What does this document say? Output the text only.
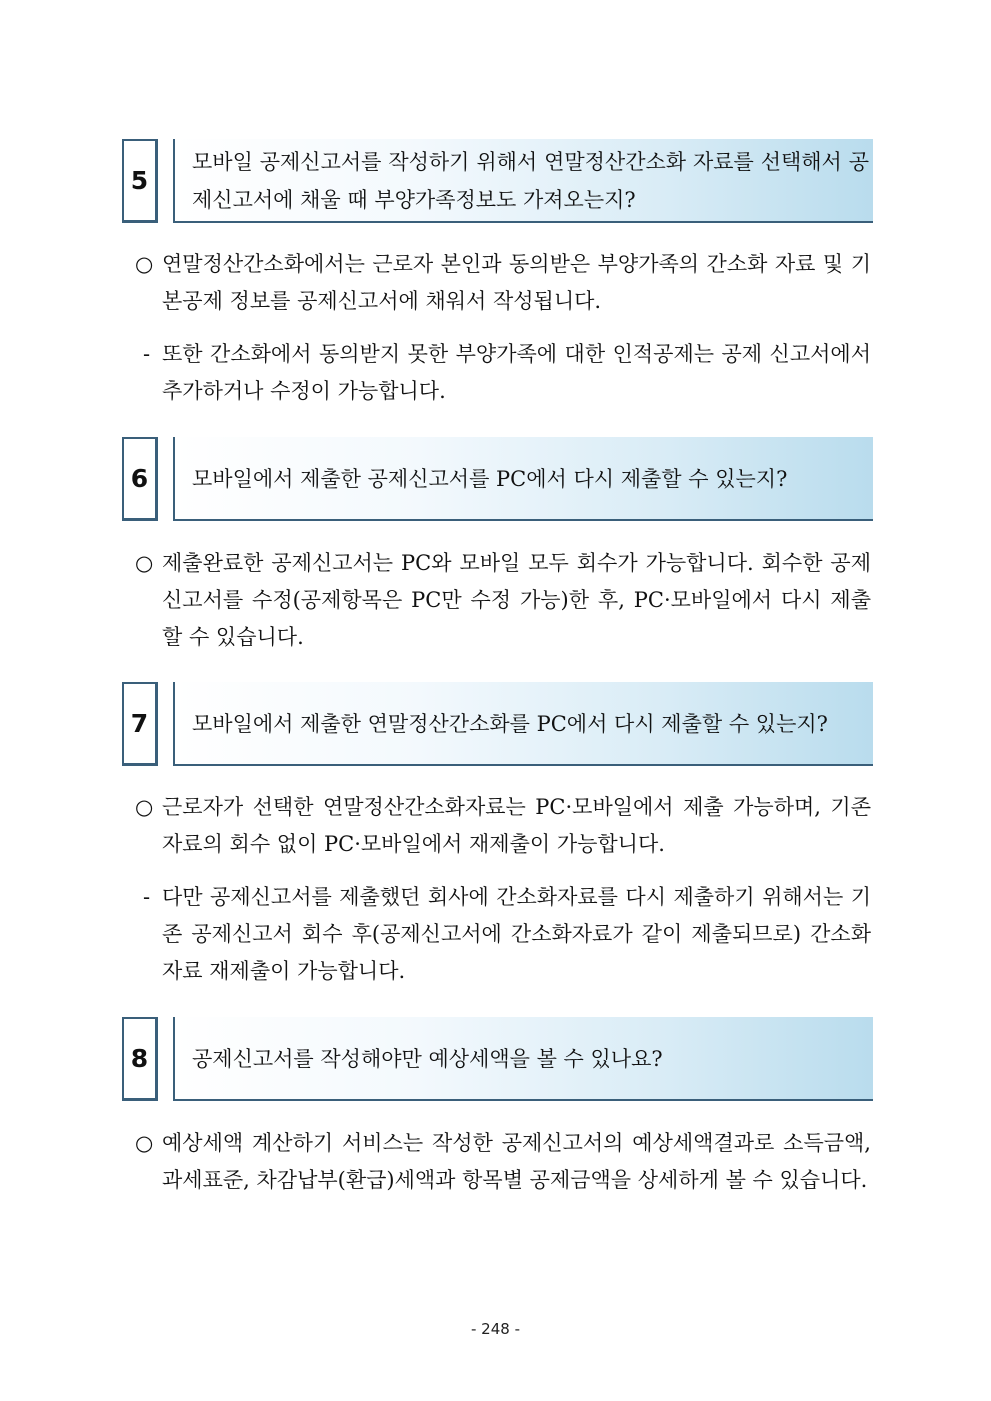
5
모바일 공제신고서를 작성하기 위해서 연말정산간소화 자료를 선택해서 공제신고서에 채울 때 부양가족정보도 가져오는지?

○ 연말정산간소화에서는 근로자 본인과 동의받은 부양가족의 간소화 자료 및 기본공제 정보를 공제신고서에 채워서 작성됩니다.

- 또한 간소화에서 동의받지 못한 부양가족에 대한 인적공제는 공제 신고서에서 추가하거나 수정이 가능합니다.

6	모바일에서 제출한 공제신고서를 PC에서 다시 제출할 수 있는지?

○ 제출완료한 공제신고서는 PC와 모바일 모두 회수가 가능합니다. 회수한 공제신고서를 수정(공제항목은 PC만 수정 가능)한 후, PC·모바일에서 다시 제출할 수 있습니다.

7	모바일에서 제출한 연말정산간소화를 PC에서 다시 제출할 수 있는지?

○ 근로자가 선택한 연말정산간소화자료는 PC·모바일에서 제출 가능하며, 기존자료의 회수 없이 PC·모바일에서 재제출이 가능합니다.

- 다만 공제신고서를 제출했던 회사에 간소화자료를 다시 제출하기 위해서는 기존 공제신고서 회수 후(공제신고서에 간소화자료가 같이 제출되므로) 간소화자료 재제출이 가능합니다.

8	공제신고서를 작성해야만 예상세액을 볼 수 있나요?

○ 예상세액 계산하기 서비스는 작성한 공제신고서의 예상세액결과로 소득금액, 과세표준, 차감납부(환급)세액과 항목별 공제금액을 상세하게 볼 수 있습니다.

- 248 -
